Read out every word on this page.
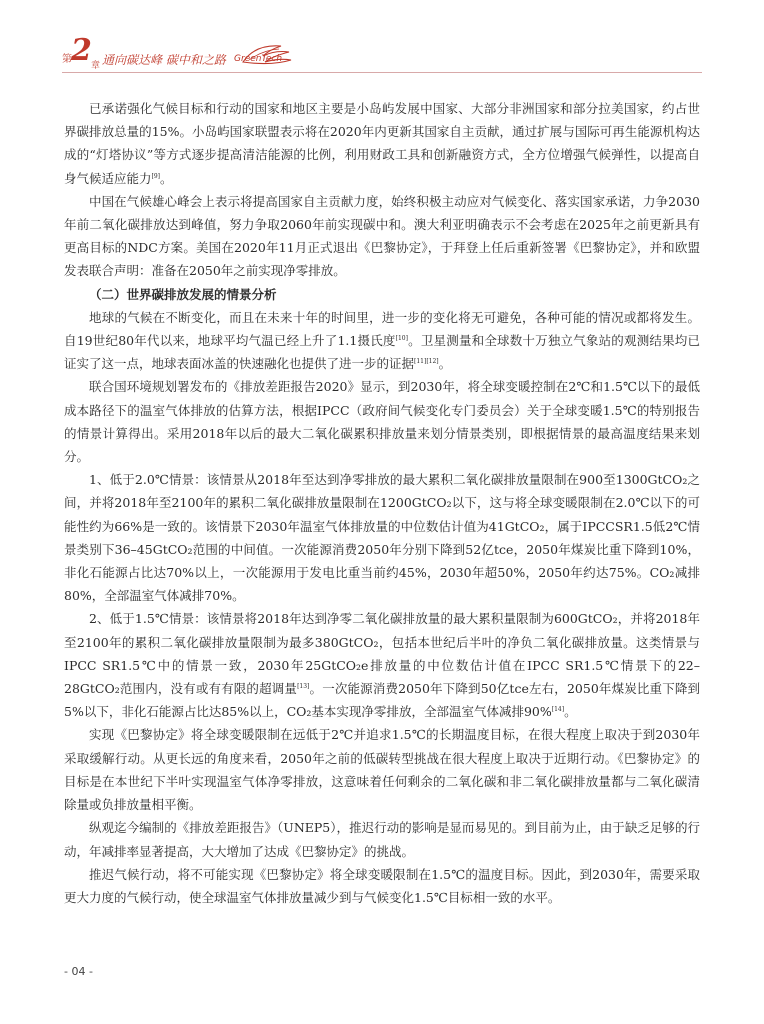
第 2 章 通向碳达峰 碳中和之路 GreenTech

已承诺强化气候目标和行动的国家和地区主要是小岛屿发展中国家、大部分非洲国家和部分拉美国家，约占世界碳排放总量的15%。小岛屿国家联盟表示将在2020年内更新其国家自主贡献，通过扩展与国际可再生能源机构达成的“灯塔协议”等方式逐步提高清洁能源的比例，利用财政工具和创新融资方式，全方位增强气候弹性，以提高自身气候适应能力[9]。

中国在气候雄心峰会上表示将提高国家自主贡献力度，始终积极主动应对气候变化、落实国家承诺，力争2030年前二氧化碳排放达到峰值，努力争取2060年前实现碳中和。澳大利亚明确表示不会考虑在2025年之前更新具有更高目标的NDC方案。美国在2020年11月正式退出《巴黎协定》，于拜登上任后重新签署《巴黎协定》，并和欧盟发表联合声明：准备在2050年之前实现净零排放。

（二）世界碳排放发展的情景分析

地球的气候在不断变化，而且在未来十年的时间里，进一步的变化将无可避免，各种可能的情况或都将发生。自19世纪80年代以来，地球平均气温已经上升了1.1摄氏度[10]。卫星测量和全球数十万独立气象站的观测结果均已证实了这一点，地球表面冰盖的快速融化也提供了进一步的证据[11][12]。

联合国环境规划署发布的《排放差距报告2020》显示，到2030年，将全球变暖控制在2℃和1.5℃以下的最低成本路径下的温室气体排放的估算方法，根据IPCC（政府间气候变化专门委员会）关于全球变暖1.5℃的特别报告的情景计算得出。采用2018年以后的最大二氧化碳累积排放量来划分情景类别，即根据情景的最高温度结果来划分。

1、低于2.0℃情景：该情景从2018年至达到净零排放的最大累积二氧化碳排放量限制在900至1300GtCO₂之间，并将2018年至2100年的累积二氧化碳排放量限制在1200GtCO₂以下，这与将全球变暖限制在2.0℃以下的可能性约为66%是一致的。该情景下2030年温室气体排放量的中位数估计值为41GtCO₂，属于IPCCSR1.5低2℃情景类别下36–45GtCO₂范围的中间值。一次能源消费2050年分别下降到52亿tce，2050年煤炭比重下降到10%，非化石能源占比达70%以上，一次能源用于发电比重当前约45%，2030年超50%，2050年约达75%。CO₂减排80%，全部温室气体减排70%。

2、低于1.5℃情景：该情景将2018年达到净零二氧化碳排放量的最大累积量限制为600GtCO₂，并将2018年至2100年的累积二氧化碳排放量限制为最多380GtCO₂，包括本世纪后半叶的净负二氧化碳排放量。这类情景与IPCC SR1.5℃中的情景一致，2030年25GtCO₂e排放量的中位数估计值在IPCC SR1.5℃情景下的22–28GtCO₂范围内，没有或有有限的超调量[13]。一次能源消费2050年下降到50亿tce左右，2050年煤炭比重下降到5%以下，非化石能源占比达85%以上，CO₂基本实现净零排放，全部温室气体减排90%[14]。

实现《巴黎协定》将全球变暖限制在远低于2℃并追求1.5℃的长期温度目标，在很大程度上取决于到2030年采取缓解行动。从更长远的角度来看，2050年之前的低碳转型挑战在很大程度上取决于近期行动。《巴黎协定》的目标是在本世纪下半叶实现温室气体净零排放，这意味着任何剩余的二氧化碳和非二氧化碳排放量都与二氧化碳清除量或负排放量相平衡。

纵观迄今编制的《排放差距报告》（UNEP5），推迟行动的影响是显而易见的。到目前为止，由于缺乏足够的行动，年减排率显著提高，大大增加了达成《巴黎协定》的挑战。

推迟气候行动，将不可能实现《巴黎协定》将全球变暖限制在1.5℃的温度目标。因此，到2030年，需要采取更大力度的气候行动，使全球温室气体排放量减少到与气候变化1.5℃目标相一致的水平。

- 04 -
